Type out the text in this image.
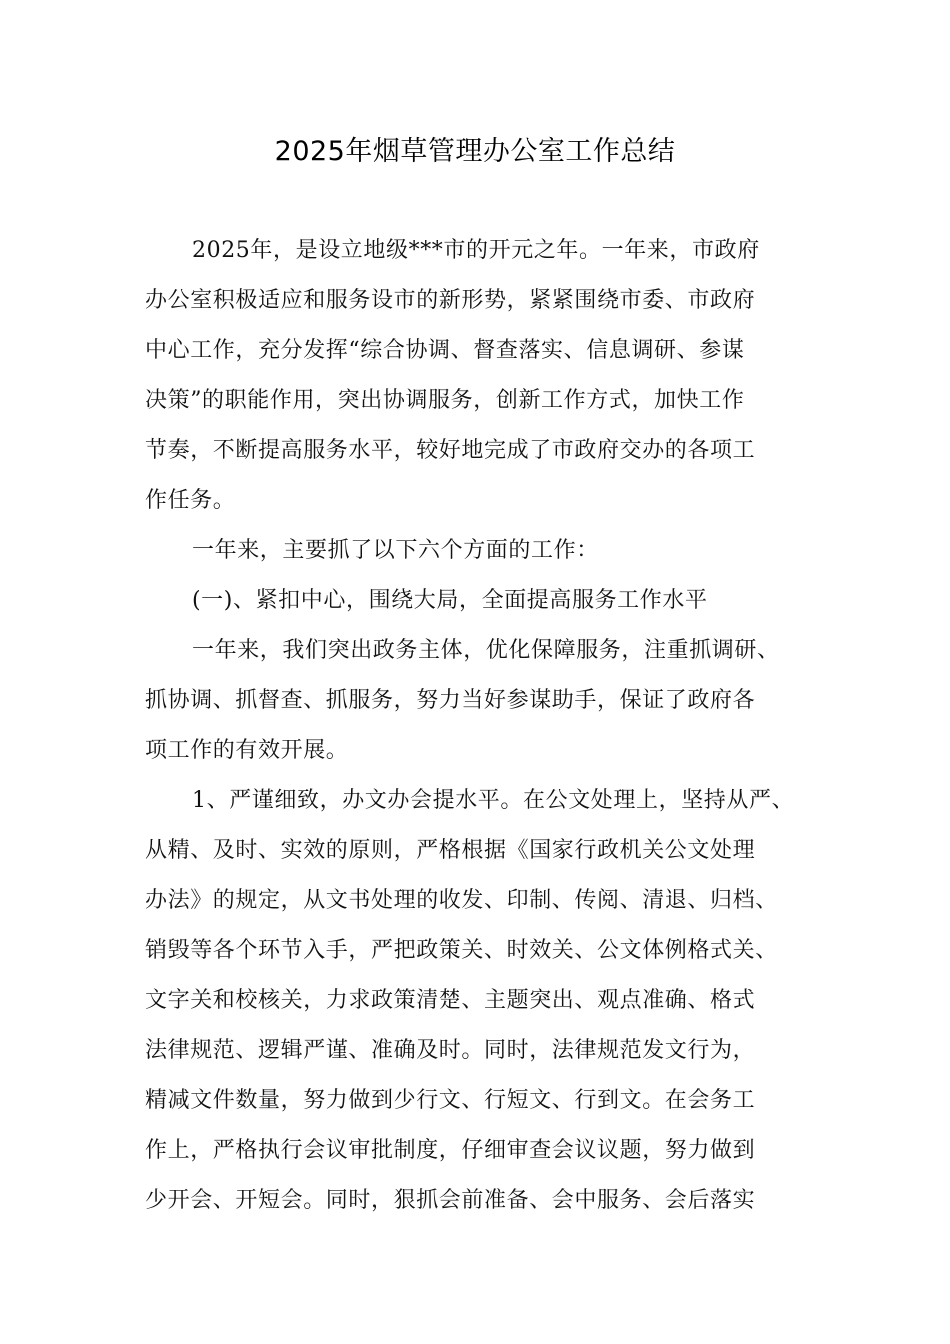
2025年烟草管理办公室工作总结

2025年，是设立地级***市的开元之年。一年来，市政府

办公室积极适应和服务设市的新形势，紧紧围绕市委、市政府

中心工作，充分发挥“综合协调、督查落实、信息调研、参谋

决策”的职能作用，突出协调服务，创新工作方式，加快工作

节奏，不断提高服务水平，较好地完成了市政府交办的各项工

作任务。

一年来，主要抓了以下六个方面的工作：

(一)、紧扣中心，围绕大局，全面提高服务工作水平

一年来，我们突出政务主体，优化保障服务，注重抓调研、

抓协调、抓督查、抓服务，努力当好参谋助手，保证了政府各

项工作的有效开展。

1、严谨细致，办文办会提水平。在公文处理上，坚持从严、

从精、及时、实效的原则，严格根据《国家行政机关公文处理

办法》的规定，从文书处理的收发、印制、传阅、清退、归档、

销毁等各个环节入手，严把政策关、时效关、公文体例格式关、

文字关和校核关，力求政策清楚、主题突出、观点准确、格式

法律规范、逻辑严谨、准确及时。同时，法律规范发文行为，

精减文件数量，努力做到少行文、行短文、行到文。在会务工

作上，严格执行会议审批制度，仔细审查会议议题，努力做到

少开会、开短会。同时，狠抓会前准备、会中服务、会后落实
